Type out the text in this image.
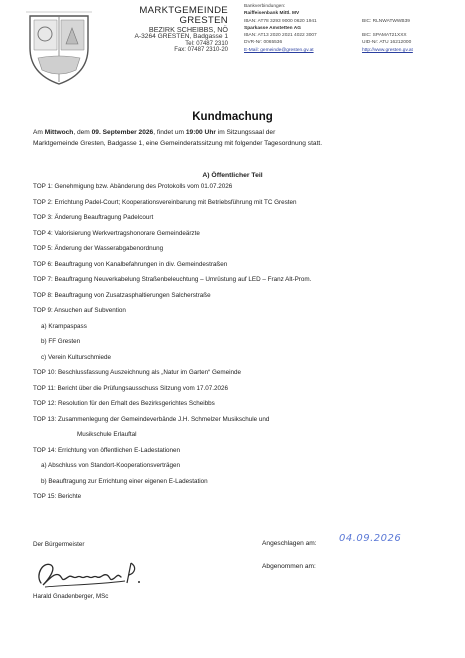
MARKTGEMEINDE
GRESTEN
BEZIRK SCHEIBBS, NÖ
A-3264 GRESTEN, Badgasse 1
Tel: 07487 2310
Fax: 07487 2310-20
Bankverbindungen:
Raiffeisenbank Mittl. MV
IBAN: AT78 3293 9000 0620 1941	BIC: RLNWATWWB39
Sparkasse Amstetten AG
IBAN: AT13 2020 2021 4022 3007	BIC: SPAMAT21XXX
DVR-Nr: 0065536	UID-Nr: ATU 16212000
E-Mail: gemeinde@gresten.gv.at	http://www.gresten.gv.at
Kundmachung
Am Mittwoch, dem 09. September 2026, findet um 19:00 Uhr im Sitzungssaal der
Marktgemeinde Gresten, Badgasse 1, eine Gemeinderatssitzung mit folgender Tagesordnung statt.
A) Öffentlicher Teil
TOP 1: Genehmigung bzw. Abänderung des Protokolls vom 01.07.2026
TOP 2: Errichtung Padel-Court; Kooperationsvereinbarung mit Betriebsführung mit TC Gresten
TOP 3: Änderung Beauftragung Padelcourt
TOP 4: Valorisierung Werkvertragshonorare Gemeindeärzte
TOP 5: Änderung der Wasserabgabenordnung
TOP 6: Beauftragung von Kanalbefahrungen in div. Gemeindestraßen
TOP 7: Beauftragung Neuverkabelung Straßenbeleuchtung – Umrüstung auf LED – Franz Alt-Prom.
TOP 8: Beauftragung von Zusatzasphaltierungen Salcherstraße
TOP 9: Ansuchen auf Subvention
a) Krampaspass
b) FF Gresten
c) Verein Kulturschmiede
TOP 10: Beschlussfassung Auszeichnung als „Natur im Garten“ Gemeinde
TOP 11: Bericht über die Prüfungsausschuss Sitzung vom 17.07.2026
TOP 12: Resolution für den Erhalt des Bezirksgerichtes Scheibbs
TOP 13: Zusammenlegung der Gemeindeverbände J.H. Schmelzer Musikschule und
Musikschule Erlauftal
TOP 14: Errichtung von öffentlichen E-Ladestationen
a) Abschluss von Standort-Kooperationsverträgen
b) Beauftragung zur Errichtung einer eigenen E-Ladestation
TOP 15: Berichte
Der Bürgermeister
Harald Gnadenberger, MSc
Angeschlagen am: 04.09.2026
Abgenommen am:
